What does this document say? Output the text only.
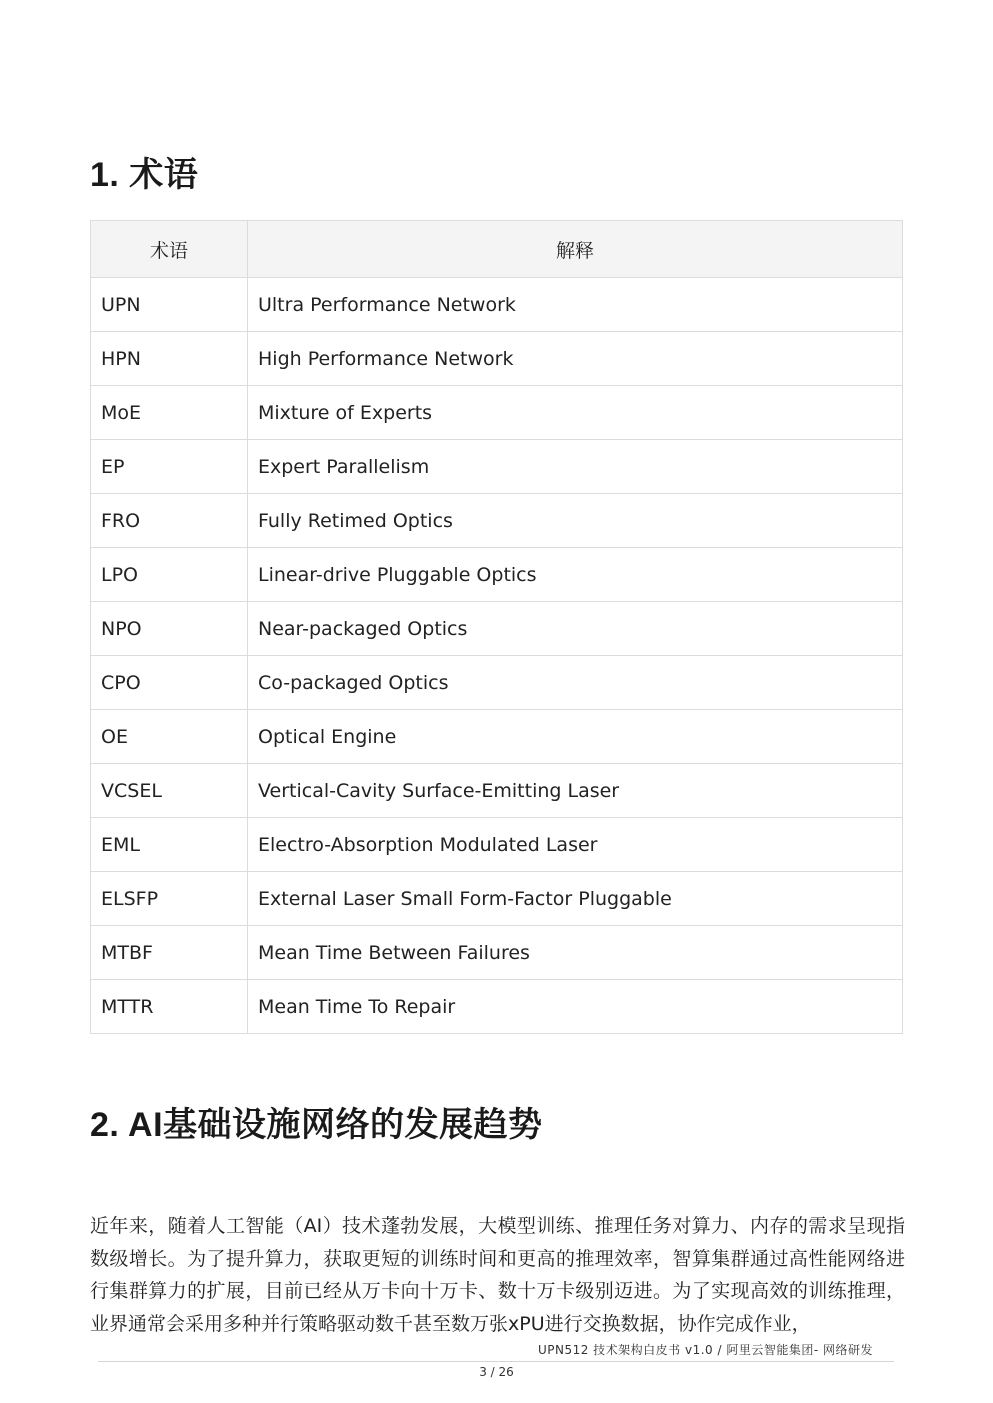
1. 术语
术语	解释
UPN	Ultra Performance Network
HPN	High Performance Network
MoE	Mixture of Experts
EP	Expert Parallelism
FRO	Fully Retimed Optics
LPO	Linear-drive Pluggable Optics
NPO	Near-packaged Optics
CPO	Co-packaged Optics
OE	Optical Engine
VCSEL	Vertical-Cavity Surface-Emitting Laser
EML	Electro-Absorption Modulated Laser
ELSFP	External Laser Small Form-Factor Pluggable
MTBF	Mean Time Between Failures
MTTR	Mean Time To Repair
2. AI基础设施网络的发展趋势

近年来，随着人工智能（AI）技术蓬勃发展，大模型训练、推理任务对算力、内存的需求呈现指数级增长。为了提升算力，获取更短的训练时间和更高的推理效率，智算集群通过高性能网络进行集群算力的扩展，目前已经从万卡向十万卡、数十万卡级别迈进。为了实现高效的训练推理，业界通常会采用多种并行策略驱动数千甚至数万张xPU进行交换数据，协作完成作业，

UPN512 技术架构白皮书 v1.0 / 阿里云智能集团- 网络研发
3 / 26
